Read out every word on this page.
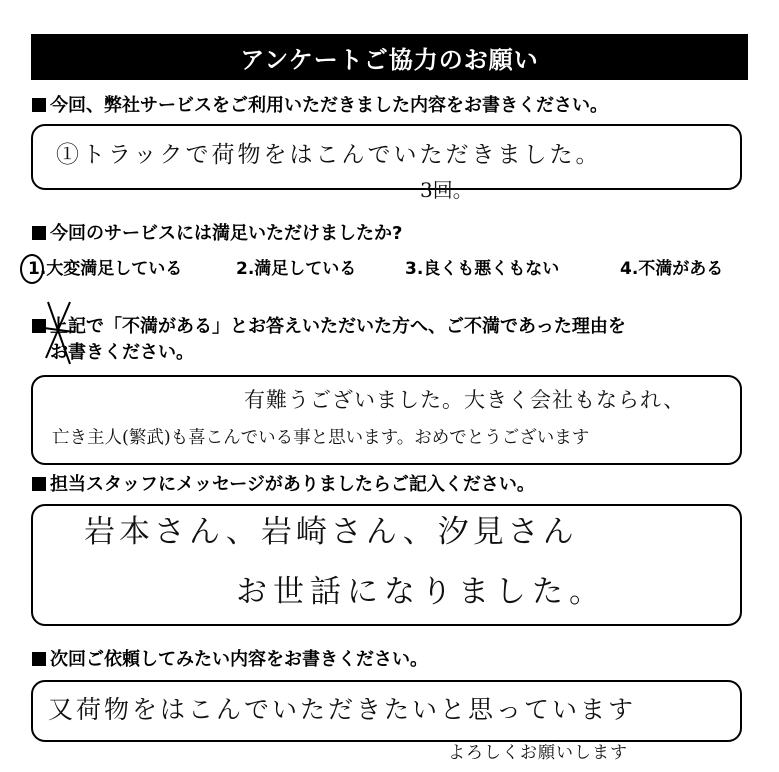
アンケートご協力のお願い
今回、弊社サービスをご利用いただきました内容をお書きください。
①トラックで荷物をはこんでいただきました。
3回。
今回のサービスには満足いただけましたか?
1.大変満足している	2.満足している	3.良くも悪くもない	4.不満がある
上記で「不満がある」とお答えいただいた方へ、ご不満であった理由を
お書きください。
有難うございました。大きく会社もなられ、
亡き主人(繁武)も喜こんでいる事と思います。おめでとうございます
担当スタッフにメッセージがありましたらご記入ください。
岩本さん、岩崎さん、汐見さん
お世話になりました。
次回ご依頼してみたい内容をお書きください。
又荷物をはこんでいただきたいと思っています
よろしくお願いします
